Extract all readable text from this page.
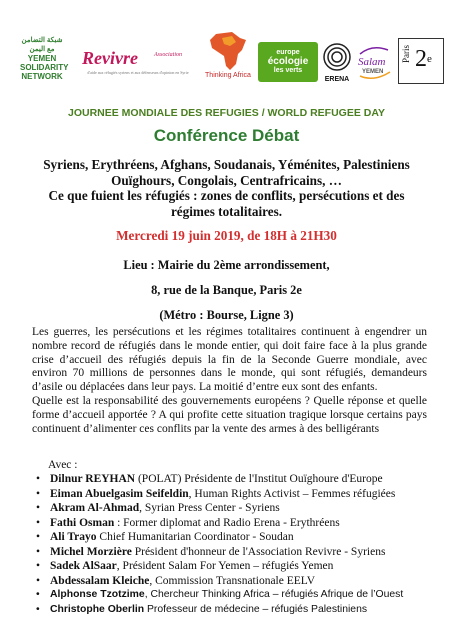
شبكة التضامن مع اليمن
YEMEN
SOLIDARITY
NETWORK
Revivre	Association
d'aide aux réfugiés syriens et aux défenseurs d'opinion en Syrie	Thinking Africa
europe
écologie
les verts
ERENA
Salam
YEMEN
Paris 2e
JOURNEE MONDIALE DES REFUGIES / WORLD REFUGEE DAY
Conférence Débat
Syriens, Erythréens, Afghans, Soudanais, Yéménites, Palestiniens
Ouïghours, Congolais, Centrafricains, …
Ce que fuient les réfugiés : zones de conflits, persécutions et des
régimes totalitaires.
Mercredi 19 juin 2019, de 18H à 21H30
Lieu : Mairie du 2ème arrondissement,
8, rue de la Banque, Paris 2e
(Métro : Bourse, Ligne 3)

Les guerres, les persécutions et les régimes totalitaires continuent à engendrer un nombre record de réfugiés dans le monde entier, qui doit faire face à la plus grande crise d’accueil des réfugiés depuis la fin de la Seconde Guerre mondiale, avec environ 70 millions de personnes dans le monde, qui sont réfugiés, demandeurs d’asile ou déplacées dans leur pays. La moitié d’entre eux sont des enfants.

Quelle est la responsabilité des gouvernements européens ? Quelle réponse et quelle forme d’accueil apportée ? A qui profite cette situation tragique lorsque certains pays continuent d’alimenter ces conflits par la vente des armes à des belligérants

Avec :
• Dilnur REYHAN (POLAT) Présidente de l'Institut Ouïghoure d'Europe
• Eiman Abuelgasim Seifeldin, Human Rights Activist – Femmes réfugiées
• Akram Al-Ahmad, Syrian Press Center - Syriens
• Fathi Osman : Former diplomat and Radio Erena - Erythréens
• Ali Trayo Chief Humanitarian Coordinator - Soudan
• Michel Morzière Président d'honneur de l'Association Revivre - Syriens
• Sadek AlSaar, Président Salam For Yemen – réfugiés Yemen
• Abdessalam Kleiche, Commission Transnationale EELV
• Alphonse Tzotzime, Chercheur Thinking Africa – réfugiés Afrique de l’Ouest
• Christophe Oberlin Professeur de médecine – réfugiés Palestiniens
